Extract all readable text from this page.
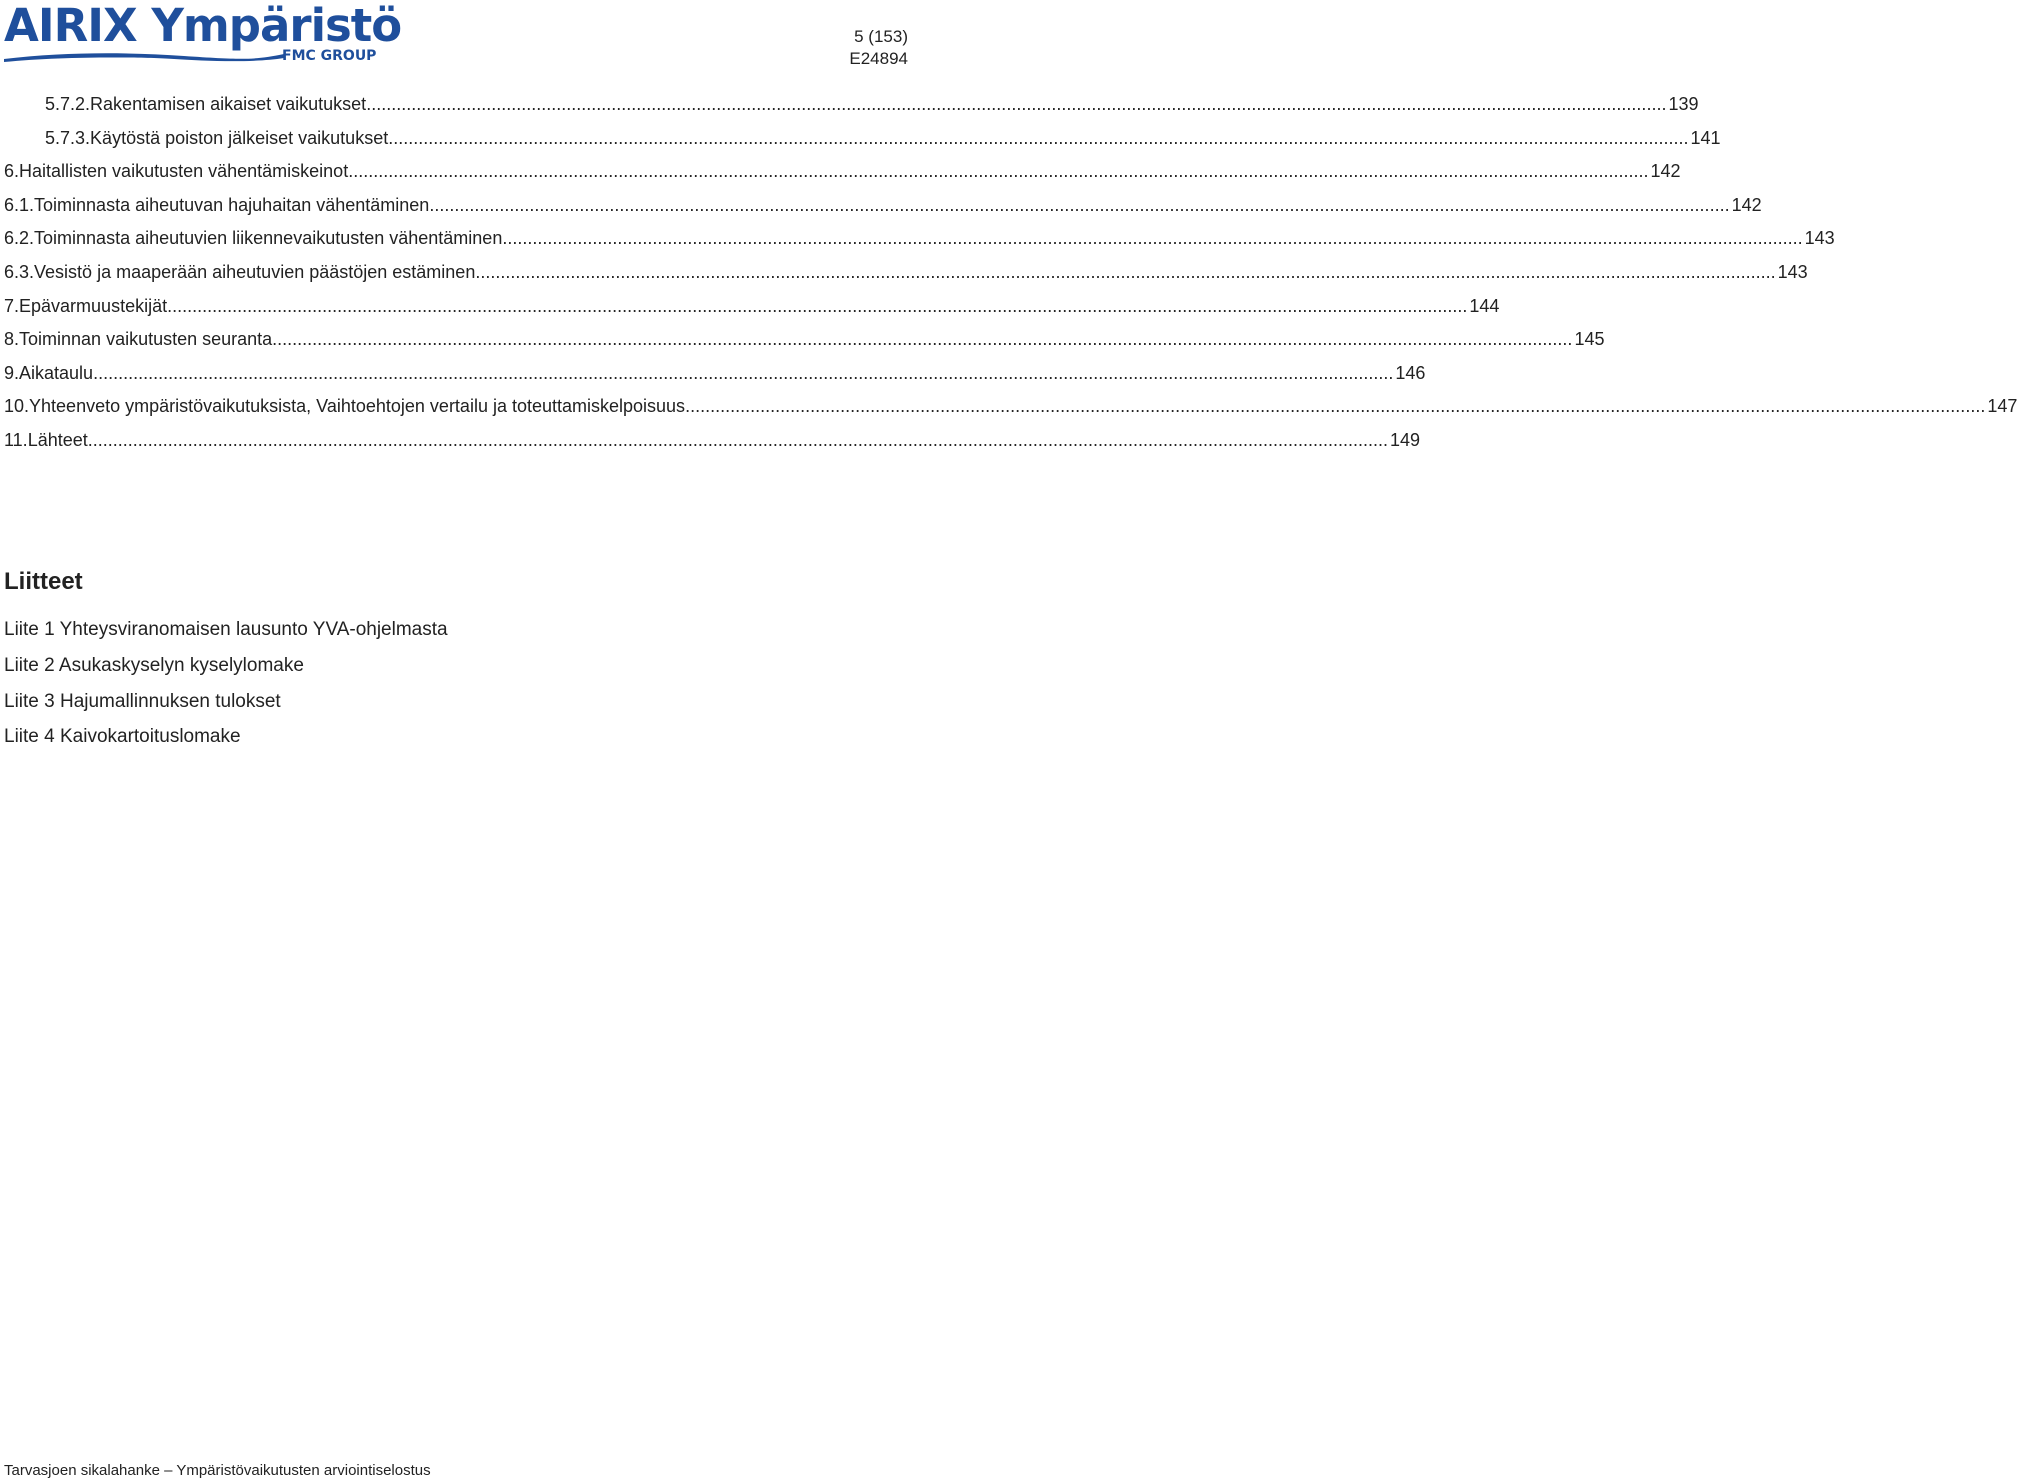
AIRIX Ympäristö
FMC GROUP
5 (153)
E24894
5.7.2. Rakentamisen aikaiset vaikutukset .....	139
5.7.3. Käytöstä poiston jälkeiset vaikutukset .....	141
6. Haitallisten vaikutusten vähentämiskeinot .....	142
6.1. Toiminnasta aiheutuvan hajuhaitan vähentäminen .....	142
6.2. Toiminnasta aiheutuvien liikennevaikutusten vähentäminen .....	143
6.3. Vesistö ja maaperään aiheutuvien päästöjen estäminen .....	143
7. Epävarmuustekijät .....	144
8. Toiminnan vaikutusten seuranta .....	145
9. Aikataulu .....	146
10. Yhteenveto ympäristövaikutuksista, Vaihtoehtojen vertailu ja toteuttamiskelpoisuus .....	147
11. Lähteet .....	149
Liitteet
Liite 1 Yhteysviranomaisen lausunto YVA-ohjelmasta
Liite 2 Asukaskyselyn kyselylomake
Liite 3 Hajumallinnuksen tulokset
Liite 4 Kaivokartoituslomake
Tarvasjoen sikalahanke – Ympäristövaikutusten arviointiselostus
